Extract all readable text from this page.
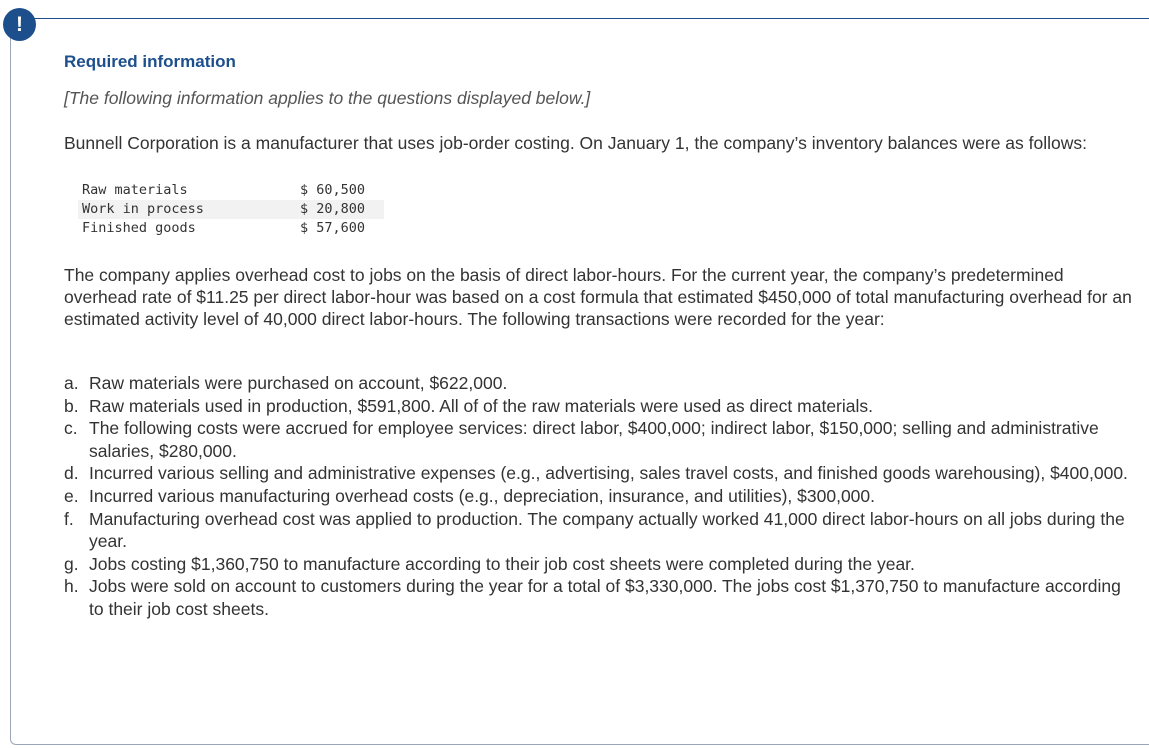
!
Required information

[The following information applies to the questions displayed below.]

Bunnell Corporation is a manufacturer that uses job-order costing. On January 1, the company’s inventory balances were as follows:

Raw materials	$ 60,500
Work in process	$ 20,800
Finished goods	$ 57,600

The company applies overhead cost to jobs on the basis of direct labor-hours. For the current year, the company’s predetermined overhead rate of $11.25 per direct labor-hour was based on a cost formula that estimated $450,000 of total manufacturing overhead for an estimated activity level of 40,000 direct labor-hours. The following transactions were recorded for the year:

a. Raw materials were purchased on account, $622,000.
b. Raw materials used in production, $591,800. All of of the raw materials were used as direct materials.
c. The following costs were accrued for employee services: direct labor, $400,000; indirect labor, $150,000; selling and administrative salaries, $280,000.
d. Incurred various selling and administrative expenses (e.g., advertising, sales travel costs, and finished goods warehousing), $400,000.
e. Incurred various manufacturing overhead costs (e.g., depreciation, insurance, and utilities), $300,000.
f. Manufacturing overhead cost was applied to production. The company actually worked 41,000 direct labor-hours on all jobs during the year.
g. Jobs costing $1,360,750 to manufacture according to their job cost sheets were completed during the year.
h. Jobs were sold on account to customers during the year for a total of $3,330,000. The jobs cost $1,370,750 to manufacture according to their job cost sheets.
